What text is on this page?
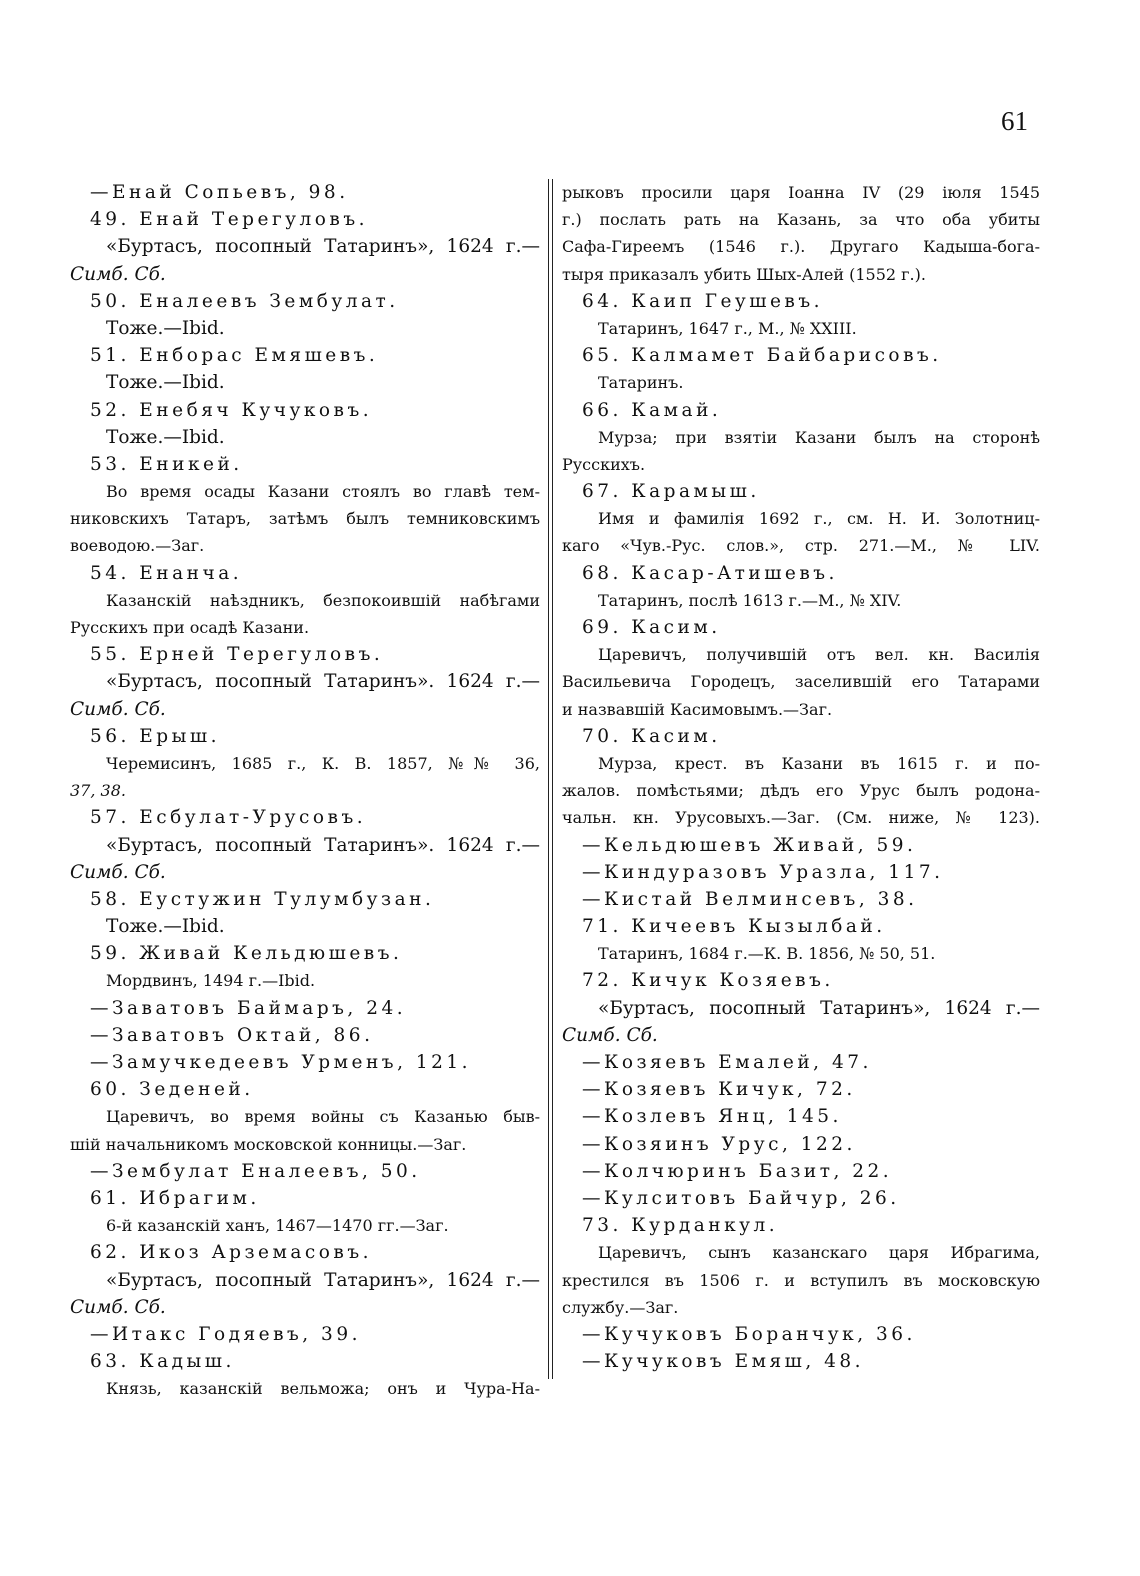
61
—Енай Сопьевъ, 98.
49. Енай Терегуловъ.
«Буртасъ, посопный Татаринъ», 1624 г.—
Симб. Сб.
50. Еналеевъ Зембулат.
Тоже.—Ibid.
51. Енборас Емяшевъ.
Тоже.—Ibid.
52. Енебяч Кучуковъ.
Тоже.—Ibid.
53. Еникей.
Во время осады Казани стоялъ во главѣ тем-
никовскихъ Татаръ, затѣмъ былъ темниковскимъ
воеводою.—Заг.
54. Енанча.
Казанскій наѣздникъ, безпокоившій набѣгами
Русскихъ при осадѣ Казани.
55. Ерней Терегуловъ.
«Буртасъ, посопный Татаринъ». 1624 г.—
Симб. Сб.
56. Ерыш.
Черемисинъ, 1685 г., К. В. 1857, №№ 36,
37, 38.
57. Есбулат-Урусовъ.
«Буртасъ, посопный Татаринъ». 1624 г.—
Симб. Сб.
58. Еустужин Тулумбузан.
Тоже.—Ibid.
59. Живай Кельдюшевъ.
Мордвинъ, 1494 г.—Ibid.
—Заватовъ Баймаръ, 24.
—Заватовъ Октай, 86.
—Замучкедеевъ Урменъ, 121.
60. Зеденей.
Царевичъ, во время войны съ Казанью быв-
шій начальникомъ московской конницы.—Заг.
—Зембулат Еналеевъ, 50.
61. Ибрагим.
6-й казанскій ханъ, 1467—1470 гг.—Заг.
62. Икоз Арземасовъ.
«Буртасъ, посопный Татаринъ», 1624 г.—
Симб. Сб.
—Итакс Годяевъ, 39.
63. Кадыш.
Князь, казанскій вельможа; онъ и Чура-На-
рыковъ просили царя Іоанна IV (29 іюля 1545
г.) послать рать на Казань, за что оба убиты
Сафа-Гиреемъ (1546 г.). Другаго Кадыша-бога-
тыря приказалъ убить Шых-Алей (1552 г.).
64. Каип Геушевъ.
Татаринъ, 1647 г., М., № XXIII.
65. Калмамет Байбарисовъ.
Татаринъ.
66. Камай.
Мурза; при взятіи Казани былъ на сторонѣ
Русскихъ.
67. Карамыш.
Имя и фамилія 1692 г., см. Н. И. Золотниц-
каго «Чув.-Рус. слов.», стр. 271.—М., № LIV.
68. Касар-Атишевъ.
Татаринъ, послѣ 1613 г.—М., № XIV.
69. Касим.
Царевичъ, получившій отъ вел. кн. Василія
Васильевича Городецъ, заселившій его Татарами
и назвавшій Касимовымъ.—Заг.
70. Касим.
Мурза, крест. въ Казани въ 1615 г. и по-
жалов. помѣстьями; дѣдъ его Урус былъ родона-
чальн. кн. Урусовыхъ.—Заг. (См. ниже, № 123).
—Кельдюшевъ Живай, 59.
—Киндуразовъ Уразла, 117.
—Кистай Велминсевъ, 38.
71. Кичеевъ Кызылбай.
Татаринъ, 1684 г.—К. В. 1856, № 50, 51.
72. Кичук Козяевъ.
«Буртасъ, посопный Татаринъ», 1624 г.—
Симб. Сб.
—Козяевъ Емалей, 47.
—Козяевъ Кичук, 72.
—Козлевъ Янц, 145.
—Козяинъ Урус, 122.
—Колчюринъ Базит, 22.
—Кулситовъ Байчур, 26.
73. Курданкул.
Царевичъ, сынъ казанскаго царя Ибрагима,
крестился въ 1506 г. и вступилъ въ московскую
службу.—Заг.
—Кучуковъ Боранчук, 36.
—Кучуковъ Емяш, 48.
